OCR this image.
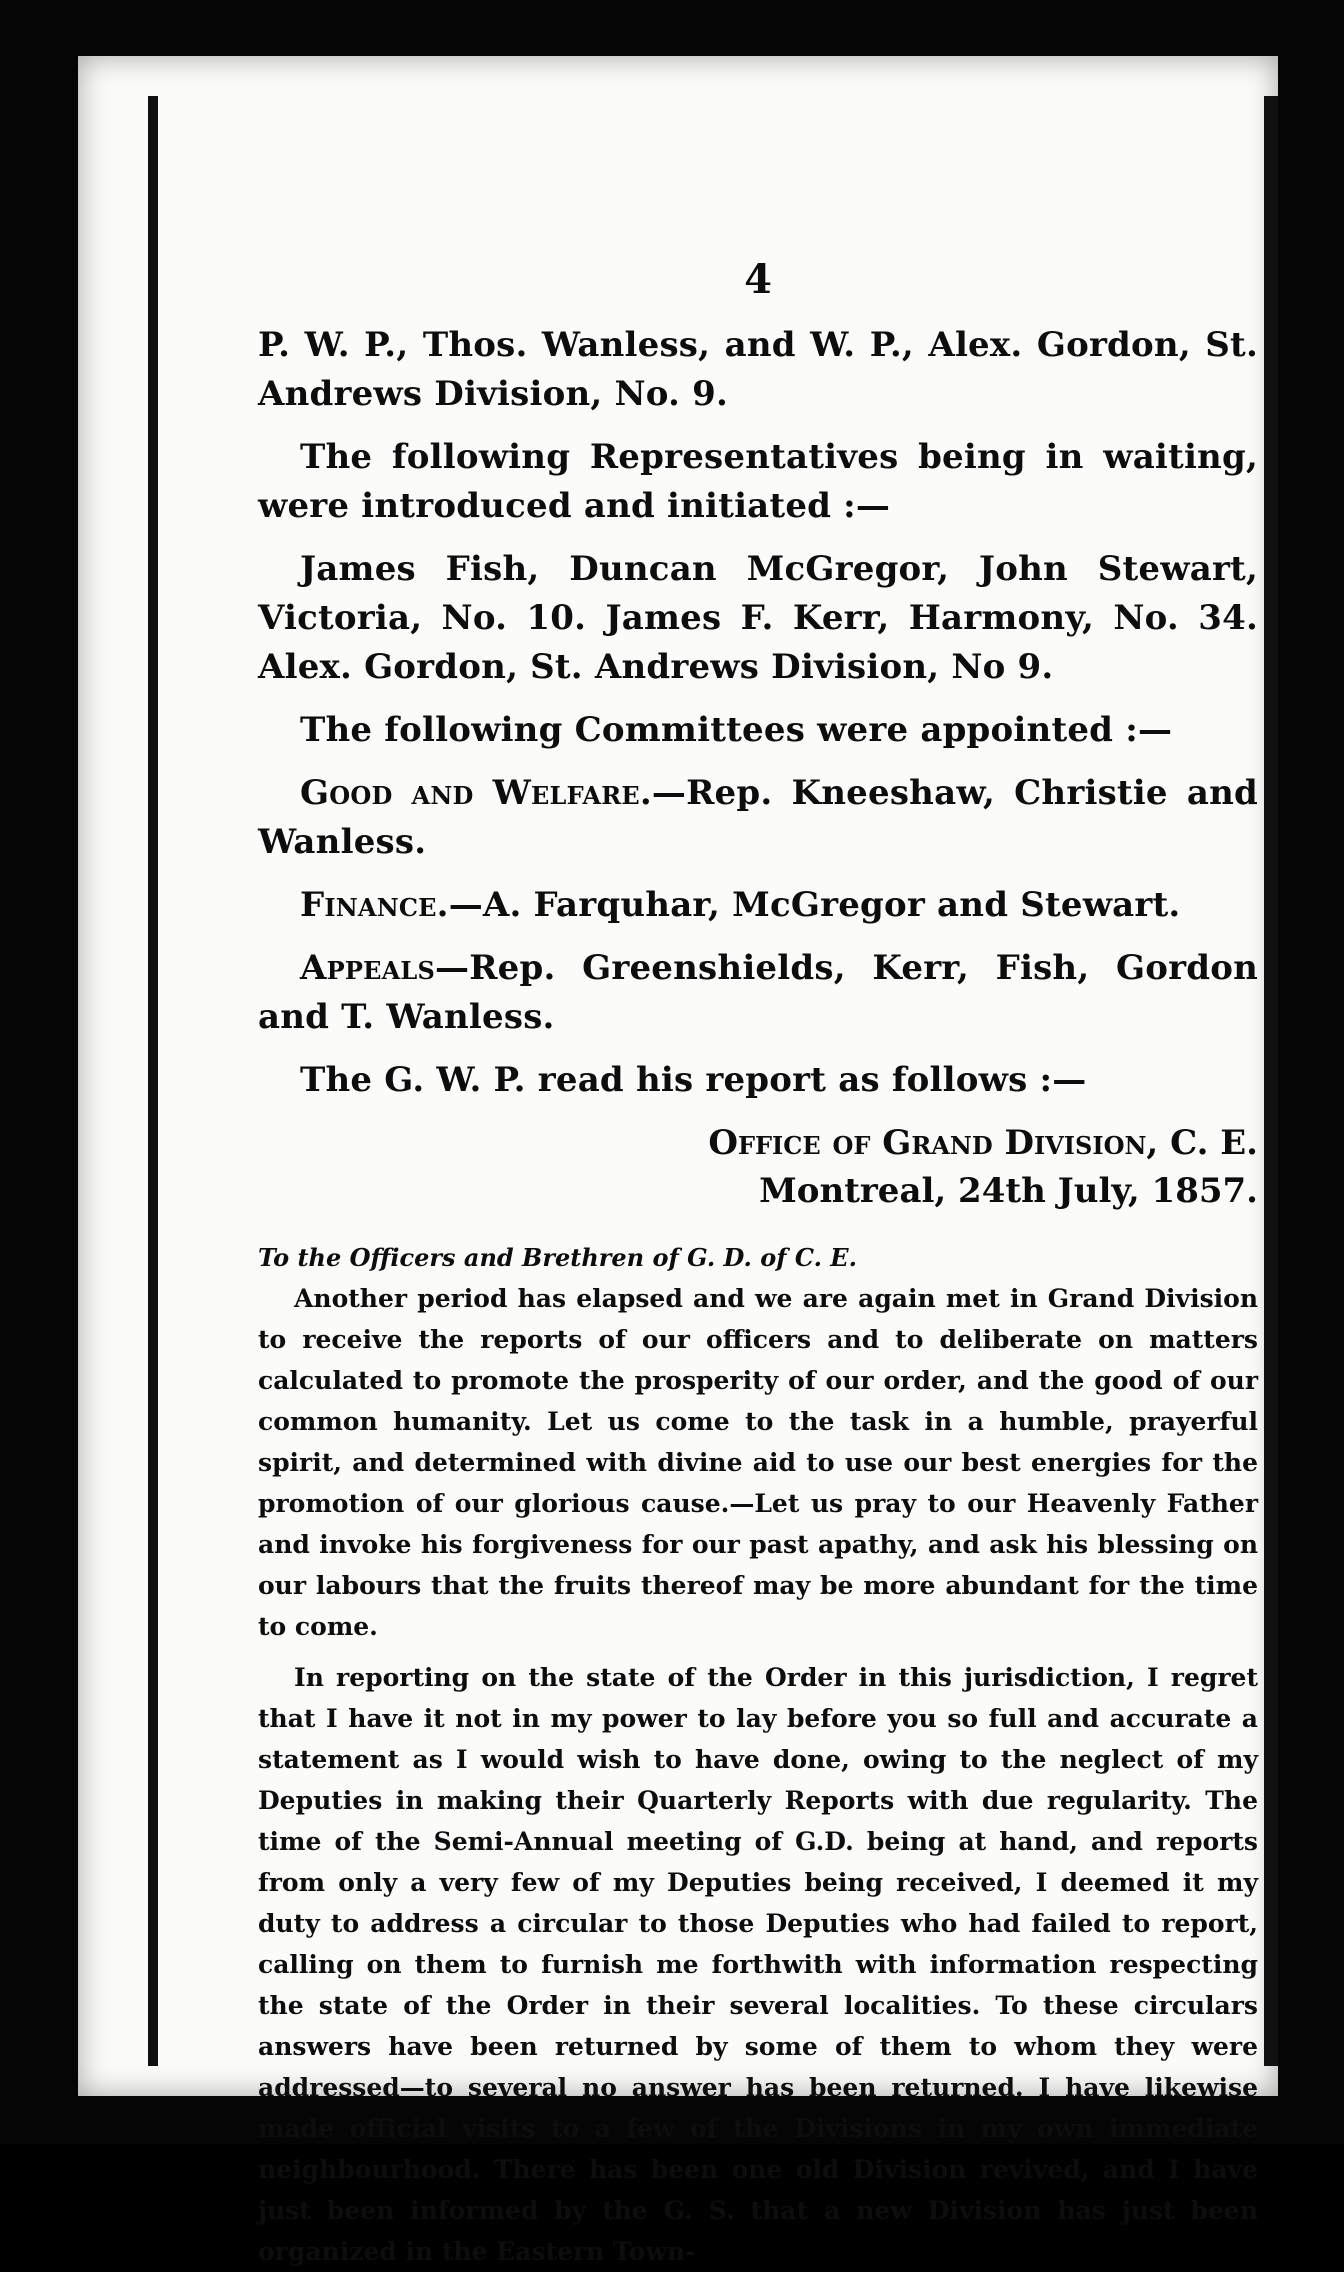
4

P. W. P., Thos. Wanless, and W. P., Alex. Gordon, St. Andrews Division, No. 9.

The following Representatives being in waiting, were introduced and initiated :—

James Fish, Duncan McGregor, John Stewart, Victoria, No. 10. James F. Kerr, Harmony, No. 34. Alex. Gordon, St. Andrews Division, No 9.

The following Committees were appointed :—

Good and Welfare.—Rep. Kneeshaw, Christie and Wanless.

Finance.—A. Farquhar, McGregor and Stewart.

Appeals—Rep. Greenshields, Kerr, Fish, Gordon and T. Wanless.

The G. W. P. read his report as follows :—

Office of Grand Division, C. E.

Montreal, 24th July, 1857.

To the Officers and Brethren of G. D. of C. E.

Another period has elapsed and we are again met in Grand Division to receive the reports of our officers and to deliberate on matters calculated to promote the prosperity of our order, and the good of our common humanity. Let us come to the task in a humble, prayerful spirit, and determined with divine aid to use our best energies for the promotion of our glorious cause.—Let us pray to our Heavenly Father and invoke his forgiveness for our past apathy, and ask his blessing on our labours that the fruits thereof may be more abundant for the time to come.

In reporting on the state of the Order in this jurisdiction, I regret that I have it not in my power to lay before you so full and accurate a statement as I would wish to have done, owing to the neglect of my Deputies in making their Quarterly Reports with due regularity. The time of the Semi-Annual meeting of G.D. being at hand, and reports from only a very few of my Deputies being received, I deemed it my duty to address a circular to those Deputies who had failed to report, calling on them to furnish me forthwith with information respecting the state of the Order in their several localities. To these circulars answers have been returned by some of them to whom they were addressed—to several no answer has been returned. I have likewise made official visits to a few of the Divisions in my own immediate neighbourhood. There has been one old Division revived, and I have just been informed by the G. S. that a new Division has just been organized in the Eastern Town-
